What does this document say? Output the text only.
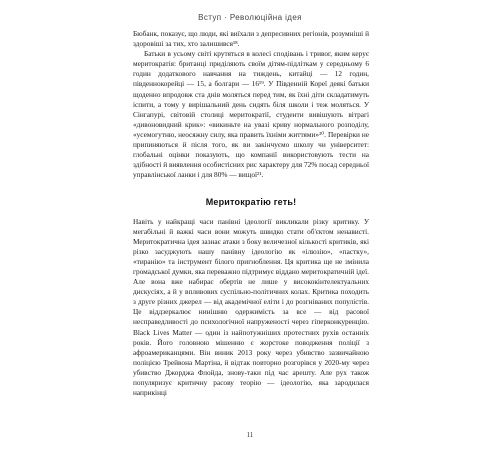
Вступ · Революційна ідея

Бюбанк, показує, що люди, які виїхали з депресивних регіонів, розумніші й здоровіші за тих, хто залишився¹⁸.

Батьки в усьому світі крутяться в колесі сподівань і тривог, яким керує меритократія: британці приділяють своїм дітям-підліткам у середньому 6 годин додаткового навчання на тиждень, китайці — 12 годин, південнокорейці — 15, а болгари — 16¹⁹. У Південній Кореї деякі батьки щоденно впродовж ста днів моляться перед тим, як їхні діти складатимуть іспити, а тому у вирішальний день сидять біля школи і теж моляться. У Сінгапурі, світовій столиці меритократії, студенти вивішують вітрагі «дивоновидний крик»: «викиньте на увазі криву нормального розподілу, «усемогутню, неосяжну силу, яка править їхніми життями»²⁰. Перевірки не припиняються й після того, як ви закінчуємо школу чи університет: глобальні оцінки показують, що компанії використовують тести на здібності й виявлення особистісних рис характеру для 72% посад середньої управлінської ланки і для 80% — вищої²¹.

Меритократію геть!

Навіть у найкращі часи панівні ідеології викликали різку критику. У мегабільні й важкі часи вони можуть швидко стати об'єктом ненависті. Меритократична ідея зазнає атаки з боку величезної кількості критиків, які різко засуджують нашу панівну ідеологію як «ілюзію», «пастку», «тиранію» та інструмент білого пригноблення. Ця критика ще не змінила громадської думки, яка переважно підтримує віддано меритократичній ідеї. Але вона вже набирає обертів не лише у висококінтелектуальних дискусіях, а й у впливових суспільно-політичних колах. Критика походить з друге різних джерел — від академічної еліти і до розгніваних популістів. Це віддзеркалює нинішню одержимість за все — від расової несправедливості до психологічної напруженості через гіперконкуренцію. Black Lives Matter — один із найпотужніших протестних рухів останніх років. Його головною мішенню є жорстоке поводження поліції з афроамериканцями. Він виник 2013 року через убивство зазвичайною поліцією Трейвона Мартіна, й відтак повторно розгорівся у 2020-му через убивство Джорджа Флойда, знову-таки під час арешту. Але рух також популяризує критичну расову теорію — ідеологію, яка зародилася наприкінці

11
